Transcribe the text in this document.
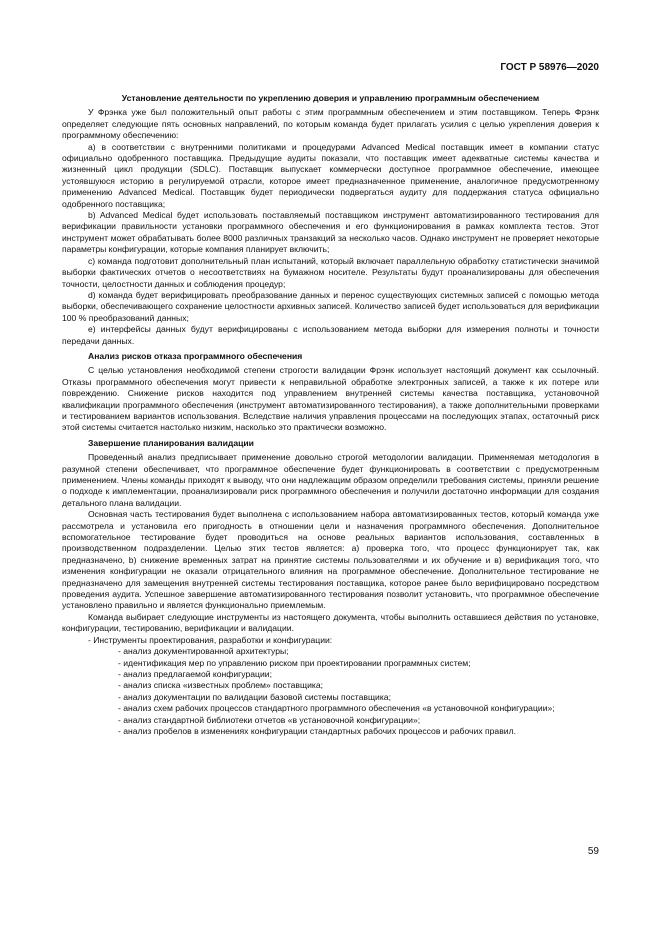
ГОСТ Р 58976—2020
Установление деятельности по укреплению доверия и управлению программным обеспечением

У Фрэнка уже был положительный опыт работы с этим программным обеспечением и этим поставщиком. Теперь Фрэнк определяет следующие пять основных направлений, по которым команда будет прилагать усилия с целью укрепления доверия к программному обеспечению:

а) в соответствии с внутренними политиками и процедурами Advanced Medical поставщик имеет в компании статус официально одобренного поставщика. Предыдущие аудиты показали, что поставщик имеет адекватные системы качества и жизненный цикл продукции (SDLC). Поставщик выпускает коммерчески доступное программное обеспечение, имеющее устоявшуюся историю в регулируемой отрасли, которое имеет предназначенное применение, аналогичное предусмотренному применению Advanced Medical. Поставщик будет периодически подвергаться аудиту для поддержания статуса официально одобренного поставщика;

b) Advanced Medical будет использовать поставляемый поставщиком инструмент автоматизированного тестирования для верификации правильности установки программного обеспечения и его функционирования в рамках комплекта тестов. Этот инструмент может обрабатывать более 8000 различных транзакций за несколько часов. Однако инструмент не проверяет некоторые параметры конфигурации, которые компания планирует включить;

c) команда подготовит дополнительный план испытаний, который включает параллельную обработку статистически значимой выборки фактических отчетов о несоответствиях на бумажном носителе. Результаты будут проанализированы для обеспечения точности, целостности данных и соблюдения процедур;

d) команда будет верифицировать преобразование данных и перенос существующих системных записей с помощью метода выборки, обеспечивающего сохранение целостности архивных записей. Количество записей будет использоваться для верификации 100 % преобразований данных;

e) интерфейсы данных будут верифицированы с использованием метода выборки для измерения полноты и точности передачи данных.

Анализ рисков отказа программного обеспечения

С целью установления необходимой степени строгости валидации Фрэнк использует настоящий документ как ссылочный. Отказы программного обеспечения могут привести к неправильной обработке электронных записей, а также к их потере или повреждению. Снижение рисков находится под управлением внутренней системы качества поставщика, установочной квалификации программного обеспечения (инструмент автоматизированного тестирования), а также дополнительными проверками и тестированием вариантов использования. Вследствие наличия управления процессами на последующих этапах, остаточный риск этой системы считается настолько низким, насколько это практически возможно.

Завершение планирования валидации

Проведенный анализ предписывает применение довольно строгой методологии валидации. Применяемая методология в разумной степени обеспечивает, что программное обеспечение будет функционировать в соответствии с предусмотренным применением. Члены команды приходят к выводу, что они надлежащим образом определили требования системы, приняли решение о подходе к имплементации, проанализировали риск программного обеспечения и получили достаточно информации для создания детального плана валидации.

Основная часть тестирования будет выполнена с использованием набора автоматизированных тестов, который команда уже рассмотрела и установила его пригодность в отношении цели и назначения программного обеспечения. Дополнительное вспомогательное тестирование будет проводиться на основе реальных вариантов использования, составленных в производственном подразделении. Целью этих тестов является: а) проверка того, что процесс функционирует так, как предназначено, b) снижение временных затрат на принятие системы пользователями и их обучение и в) верификация того, что изменения конфигурации не оказали отрицательного влияния на программное обеспечение. Дополнительное тестирование не предназначено для замещения внутренней системы тестирования поставщика, которое ранее было верифицировано посредством проведения аудита. Успешное завершение автоматизированного тестирования позволит установить, что программное обеспечение установлено правильно и является функционально приемлемым.

Команда выбирает следующие инструменты из настоящего документа, чтобы выполнить оставшиеся действия по установке, конфигурации, тестированию, верификации и валидации.

- Инструменты проектирования, разработки и конфигурации:
- анализ документированной архитектуры;
- идентификация мер по управлению риском при проектировании программных систем;
- анализ предлагаемой конфигурации;
- анализ списка «известных проблем» поставщика;
- анализ документации по валидации базовой системы поставщика;
- анализ схем рабочих процессов стандартного программного обеспечения «в установочной конфигурации»;
- анализ стандартной библиотеки отчетов «в установочной конфигурации»;
- анализ пробелов в изменениях конфигурации стандартных рабочих процессов и рабочих правил.
59
